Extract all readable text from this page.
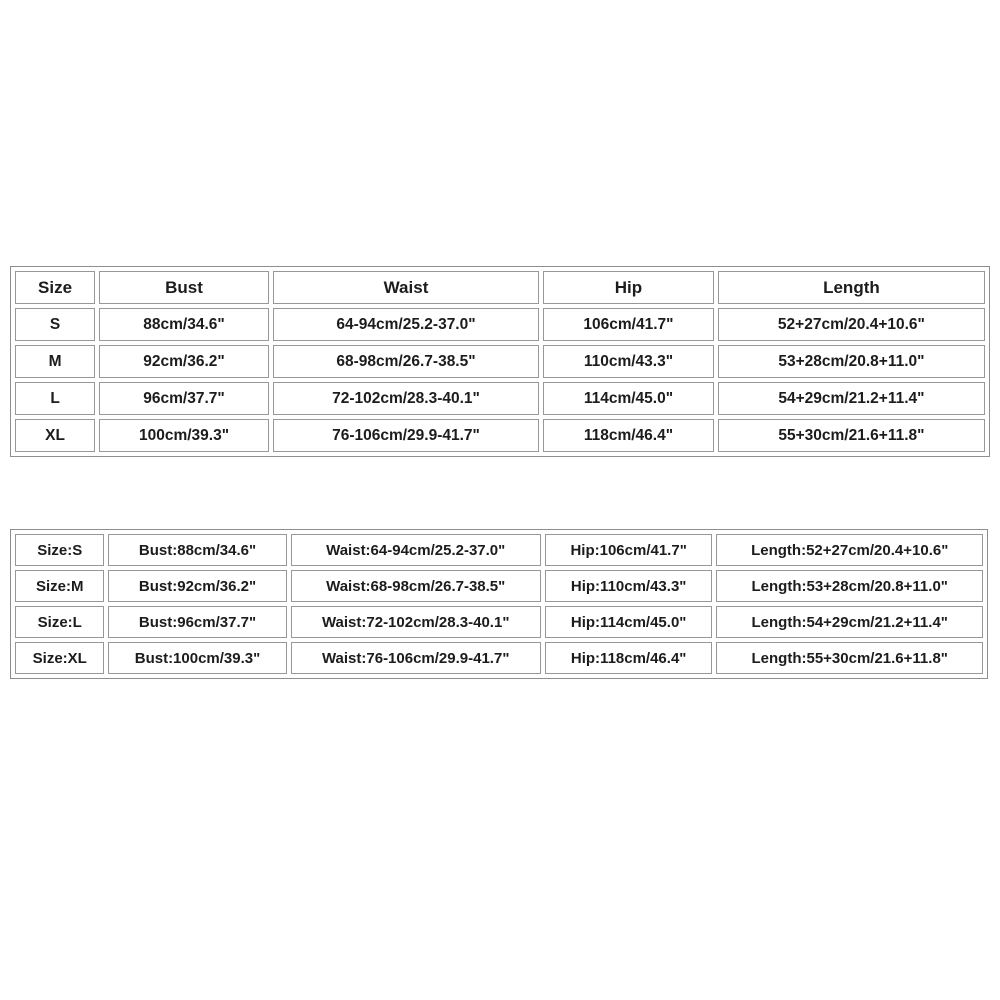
Size	Bust	Waist	Hip	Length
S	88cm/34.6"	64-94cm/25.2-37.0"	106cm/41.7"	52+27cm/20.4+10.6"
M	92cm/36.2"	68-98cm/26.7-38.5"	110cm/43.3"	53+28cm/20.8+11.0"
L	96cm/37.7"	72-102cm/28.3-40.1"	114cm/45.0"	54+29cm/21.2+11.4"
XL	100cm/39.3"	76-106cm/29.9-41.7"	118cm/46.4"	55+30cm/21.6+11.8"
Size:S	Bust:88cm/34.6"	Waist:64-94cm/25.2-37.0"	Hip:106cm/41.7"	Length:52+27cm/20.4+10.6"
Size:M	Bust:92cm/36.2"	Waist:68-98cm/26.7-38.5"	Hip:110cm/43.3"	Length:53+28cm/20.8+11.0"
Size:L	Bust:96cm/37.7"	Waist:72-102cm/28.3-40.1"	Hip:114cm/45.0"	Length:54+29cm/21.2+11.4"
Size:XL	Bust:100cm/39.3"	Waist:76-106cm/29.9-41.7"	Hip:118cm/46.4"	Length:55+30cm/21.6+11.8"
